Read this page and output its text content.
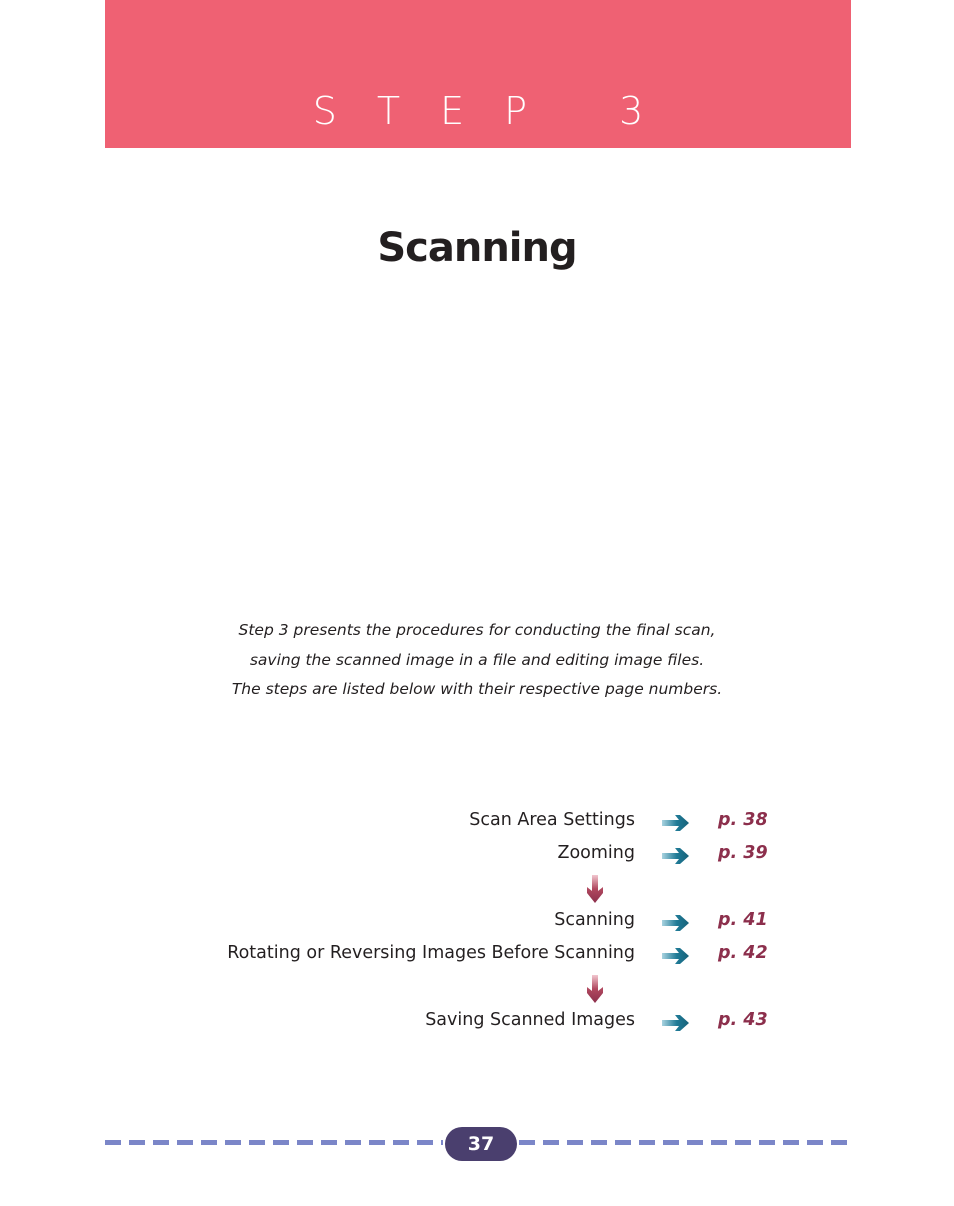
STEP 3
Scanning

Step 3 presents the procedures for conducting the final scan,

saving the scanned image in a file and editing image files.

The steps are listed below with their respective page numbers.

Scan Area Settings	p. 38
Zooming	p. 39
Scanning	p. 41
Rotating or Reversing Images Before Scanning	p. 42
Saving Scanned Images	p. 43
37
